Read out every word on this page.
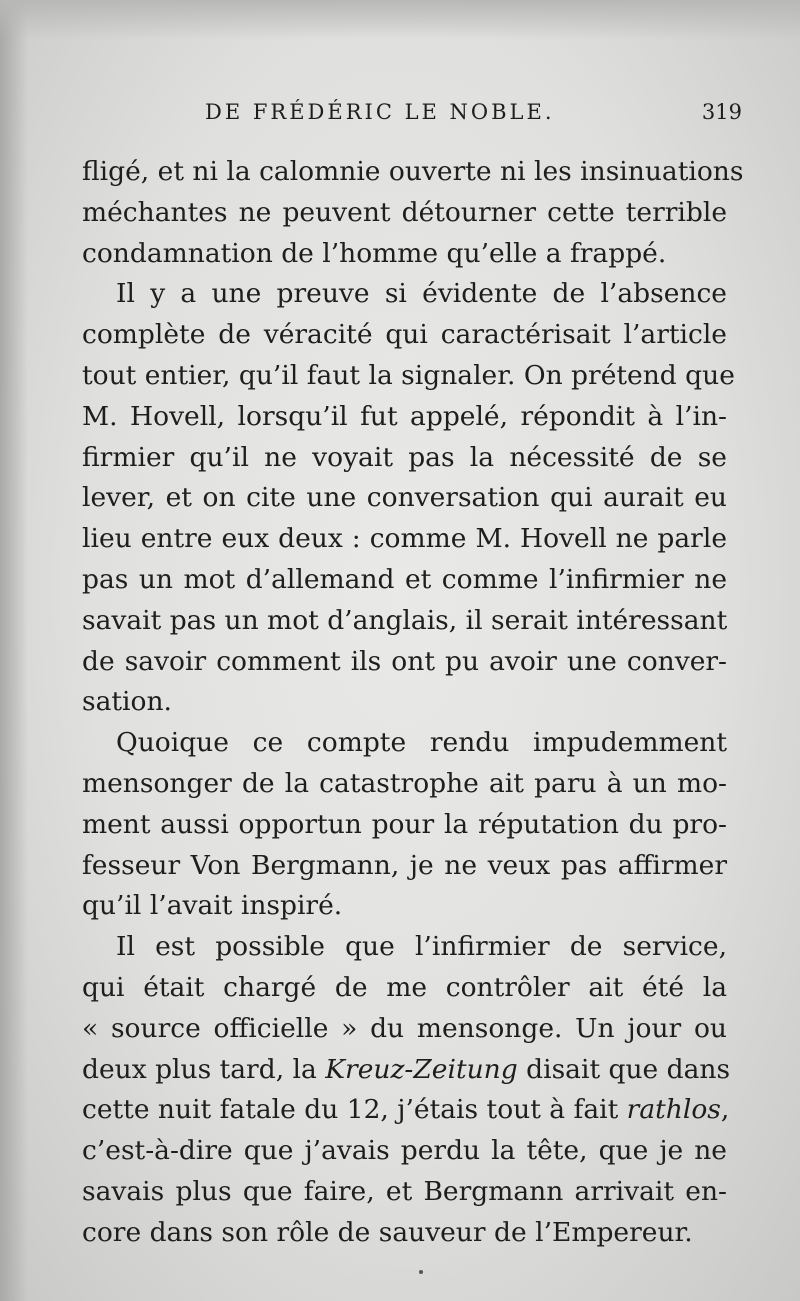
DE FRÉDÉRIC LE NOBLE.	319

fligé, et ni la calomnie ouverte ni les insinuations
méchantes ne peuvent détourner cette terrible
condamnation de l’homme qu’elle a frappé.

Il y a une preuve si évidente de l’absence
complète de véracité qui caractérisait l’article
tout entier, qu’il faut la signaler. On prétend que
M. Hovell, lorsqu’il fut appelé, répondit à l’in-
firmier qu’il ne voyait pas la nécessité de se
lever, et on cite une conversation qui aurait eu
lieu entre eux deux : comme M. Hovell ne parle
pas un mot d’allemand et comme l’infirmier ne
savait pas un mot d’anglais, il serait intéressant
de savoir comment ils ont pu avoir une conver-
sation.

Quoique ce compte rendu impudemment
mensonger de la catastrophe ait paru à un mo-
ment aussi opportun pour la réputation du pro-
fesseur Von Bergmann, je ne veux pas affirmer
qu’il l’avait inspiré.

Il est possible que l’infirmier de service,
qui était chargé de me contrôler ait été la
« source officielle » du mensonge. Un jour ou
deux plus tard, la Kreuz-Zeitung disait que dans
cette nuit fatale du 12, j’étais tout à fait rathlos,
c’est-à-dire que j’avais perdu la tête, que je ne
savais plus que faire, et Bergmann arrivait en-
core dans son rôle de sauveur de l’Empereur.
